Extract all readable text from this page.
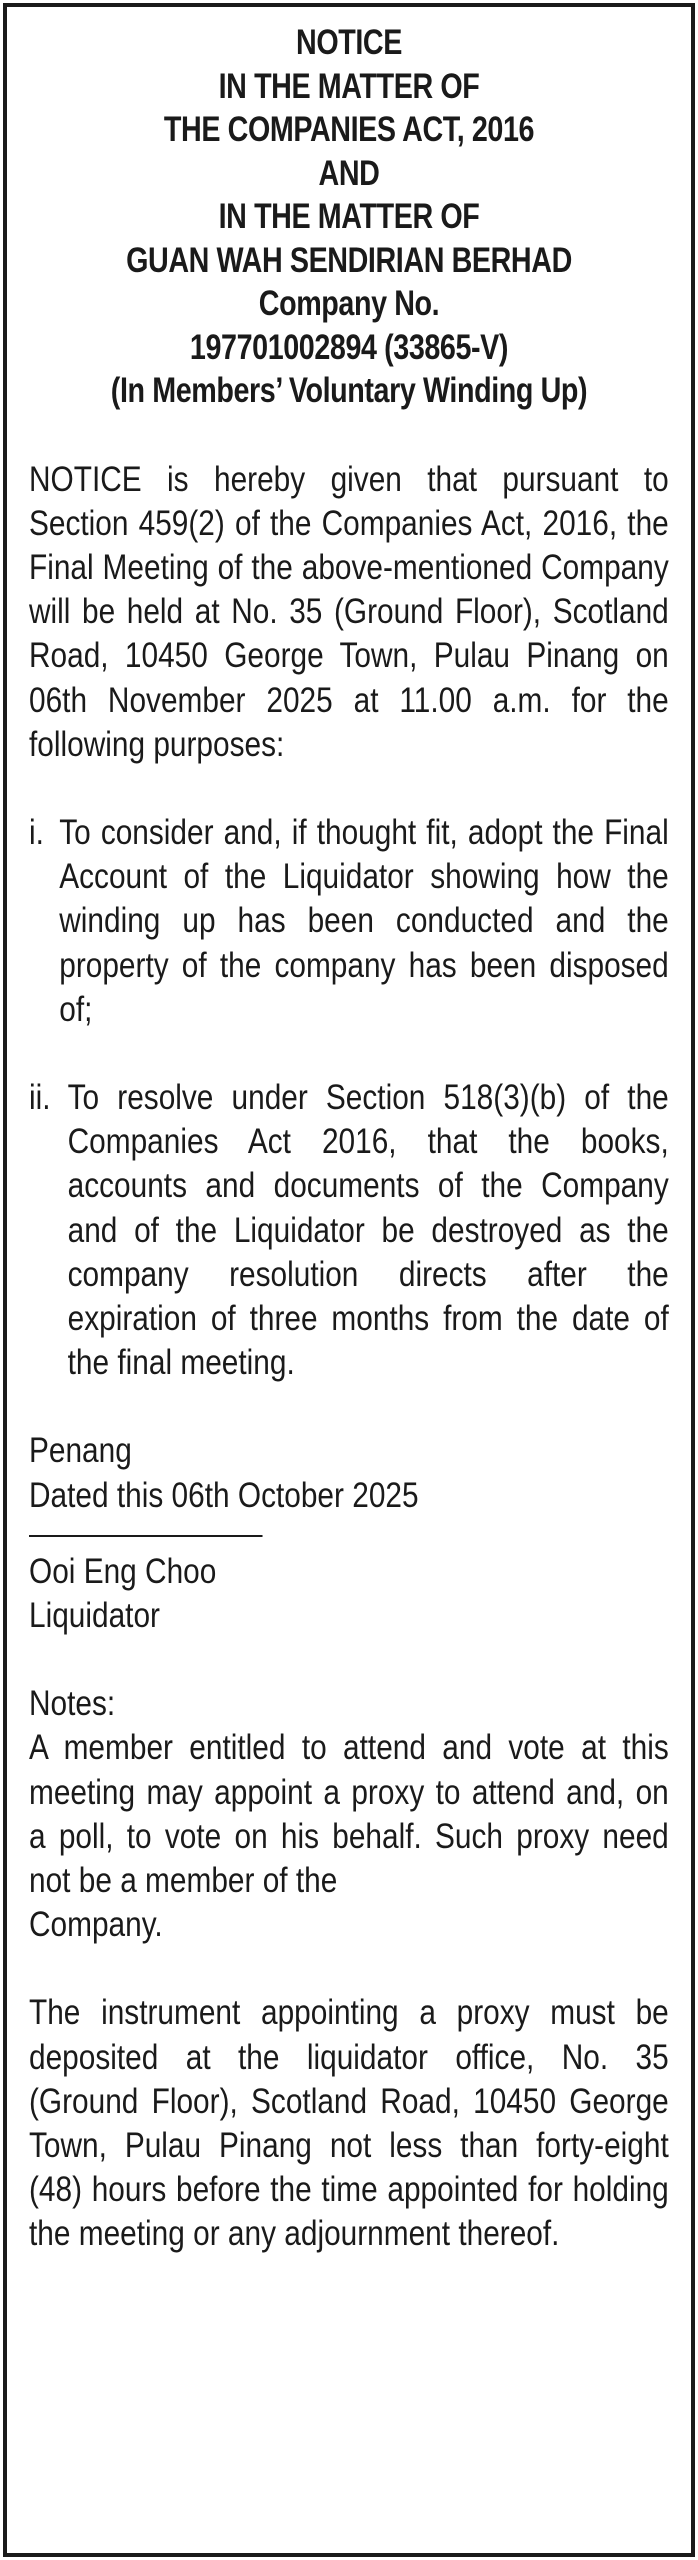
NOTICE
IN THE MATTER OF
THE COMPANIES ACT, 2016
AND
IN THE MATTER OF
GUAN WAH SENDIRIAN BERHAD
Company No.
197701002894 (33865-V)
(In Members’ Voluntary Winding Up)
NOTICE is hereby given that pursuant to Section 459(2) of the Companies Act, 2016, the Final Meeting of the above-mentioned Company will be held at No. 35 (Ground Floor), Scotland Road, 10450 George Town, Pulau Pinang on 06th November 2025 at 11.00 a.m. for the following purposes:
i. To consider and, if thought fit, adopt the Final Account of the Liquidator showing how the winding up has been conducted and the property of the company has been disposed of;
ii. To resolve under Section 518(3)(b) of the Companies Act 2016, that the books, accounts and documents of the Company and of the Liquidator be destroyed as the company resolution directs after the expiration of three months from the date of the final meeting.
Penang
Dated this 06th October 2025
Ooi Eng Choo
Liquidator
Notes:
A member entitled to attend and vote at this meeting may appoint a proxy to attend and, on a poll, to vote on his behalf. Such proxy need not be a member of the
Company.
The instrument appointing a proxy must be deposited at the liquidator office, No. 35 (Ground Floor), Scotland Road, 10450 George Town, Pulau Pinang not less than forty-eight (48) hours before the time appointed for holding the meeting or any adjournment thereof.
